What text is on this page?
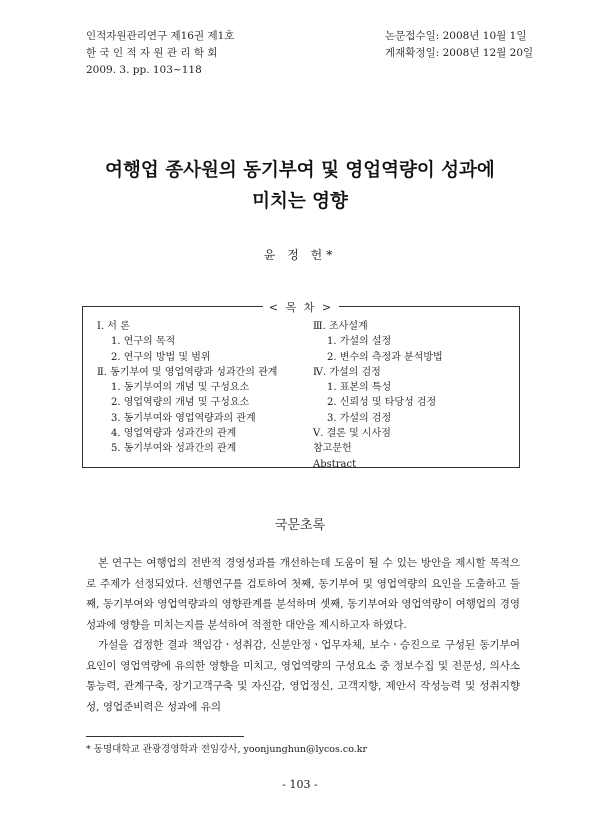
인적자원관리연구 제16권 제1호
한 국 인 적 자 원 관 리 학 회
2009. 3. pp. 103~118
논문접수일: 2008년 10월 1일
게재확정일: 2008년 12월 20일
여행업 종사원의 동기부여 및 영업역량이 성과에
미치는 영향
윤 정 헌*
< 목 차 >
Ⅰ. 서 론
1. 연구의 목적
2. 연구의 방법 및 범위
Ⅱ. 동기부여 및 영업역량과 성과간의 관계
1. 동기부여의 개념 및 구성요소
2. 영업역량의 개념 및 구성요소
3. 동기부여와 영업역량과의 관계
4. 영업역량과 성과간의 관계
5. 동기부여와 성과간의 관계
Ⅲ. 조사설계
1. 가설의 설정
2. 변수의 측정과 분석방법
Ⅳ. 가설의 검정
1. 표본의 특성
2. 신뢰성 및 타당성 검정
3. 가설의 검정
Ⅴ. 결론 및 시사점
참고문헌
Abstract
국문초록

본 연구는 여행업의 전반적 경영성과를 개선하는데 도움이 될 수 있는 방안을 제시할 목적으로 주제가 선정되었다. 선행연구를 검토하여 첫째, 동기부여 및 영업역량의 요인을 도출하고 둘째, 동기부여와 영업역량과의 영향관계를 분석하며 셋째, 동기부여와 영업역량이 여행업의 경영성과에 영향을 미치는지를 분석하여 적절한 대안을 제시하고자 하였다.

가설을 검정한 결과 책임감ㆍ성취감, 신분안정ㆍ업무자체, 보수ㆍ승진으로 구성된 동기부여요인이 영업역량에 유의한 영향을 미치고, 영업역량의 구성요소 중 정보수집 및 전문성, 의사소통능력, 관계구축, 장기고객구축 및 자신감, 영업정신, 고객지향, 제안서 작성능력 및 성취지향성, 영업준비력은 성과에 유의

* 동명대학교 관광경영학과 전임강사, yoonjunghun@lycos.co.kr
- 103 -
